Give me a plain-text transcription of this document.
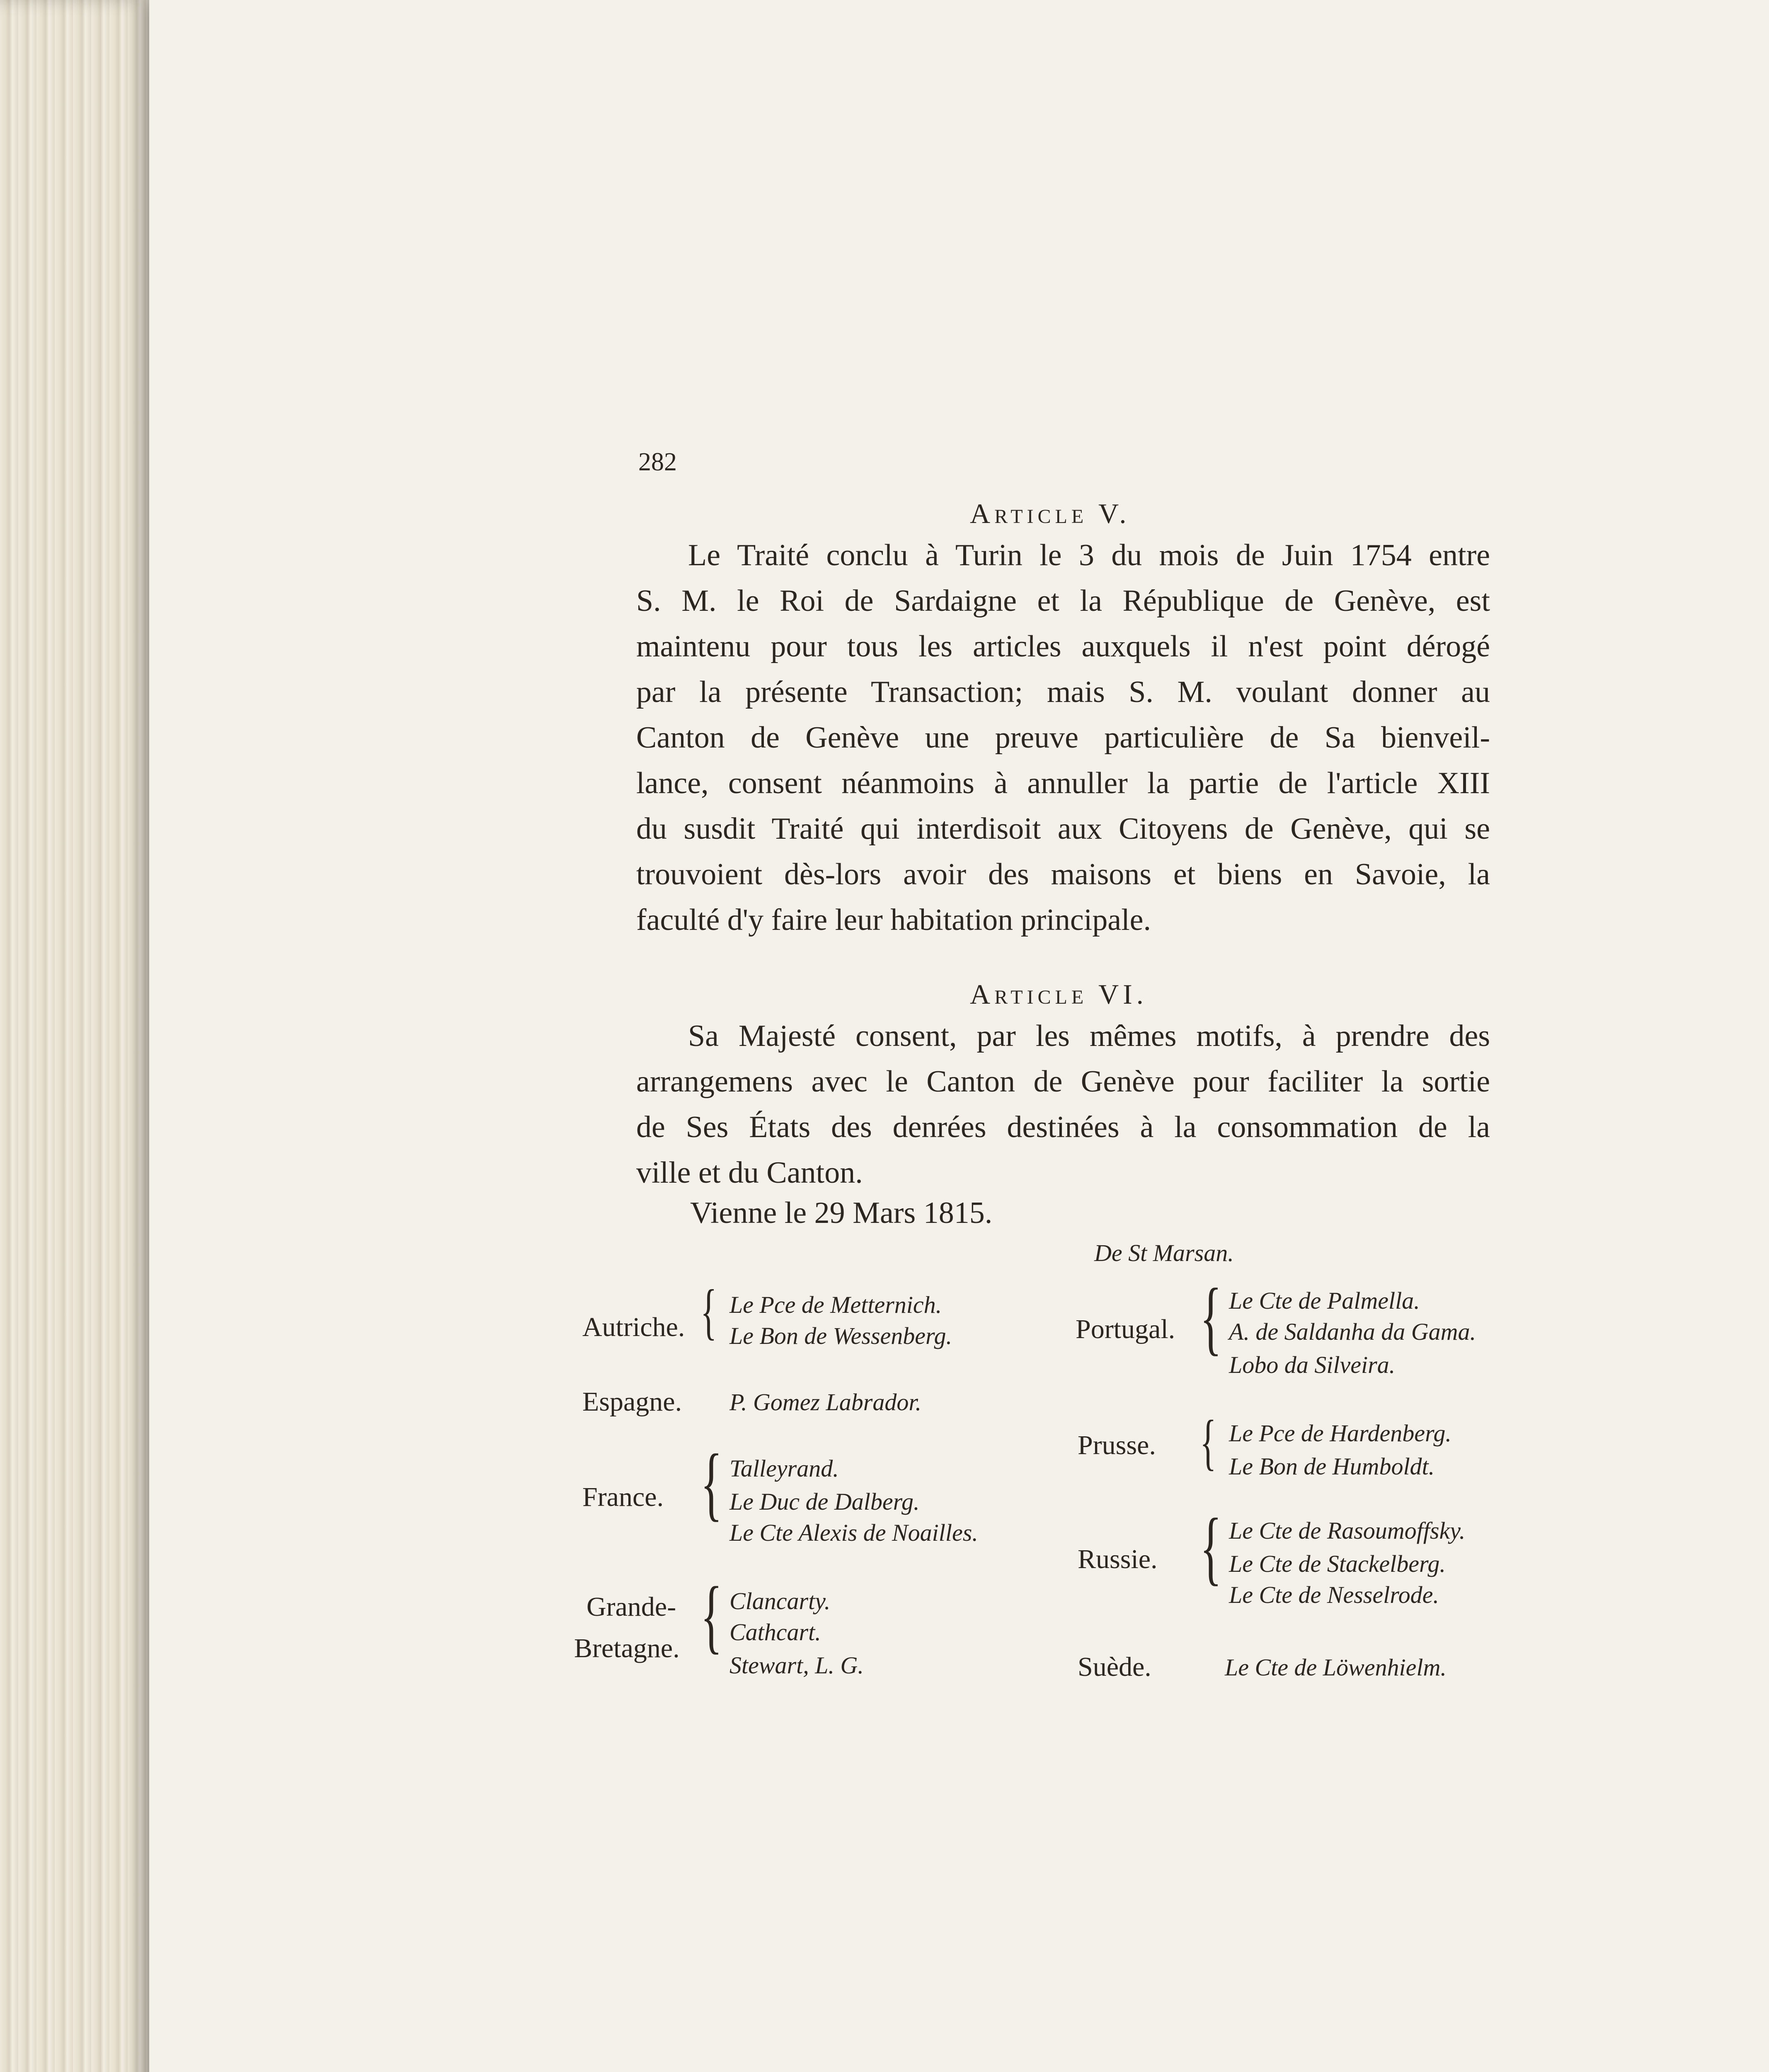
282
Article V.
Le Traité conclu à Turin le 3 du mois de Juin 1754 entre
S. M. le Roi de Sardaigne et la République de Genève, est
maintenu pour tous les articles auxquels il n'est point dérogé
par la présente Transaction; mais S. M. voulant donner au
Canton de Genève une preuve particulière de Sa bienveil-
lance, consent néanmoins à annuller la partie de l'article XIII
du susdit Traité qui interdisoit aux Citoyens de Genève, qui se
trouvoient dès-lors avoir des maisons et biens en Savoie, la
faculté d'y faire leur habitation principale.
Article VI.
Sa Majesté consent, par les mêmes motifs, à prendre des
arrangemens avec le Canton de Genève pour faciliter la sortie
de Ses États des denrées destinées à la consommation de la
ville et du Canton.
Vienne le 29 Mars 1815.
De St Marsan.
Autriche. { Le Pce de Metternich.
Le Bon de Wessenberg.
Espagne. P. Gomez Labrador.
France. { Talleyrand.
Le Duc de Dalberg.
Le Cte Alexis de Noailles.
Grande-
Bretagne. { Clancarty.
Cathcart.
Stewart, L. G.
Portugal. { Le Cte de Palmella.
A. de Saldanha da Gama.
Lobo da Silveira.
Prusse. { Le Pce de Hardenberg.
Le Bon de Humboldt.
Russie. { Le Cte de Rasoumoffsky.
Le Cte de Stackelberg.
Le Cte de Nesselrode.
Suède.	Le Cte de Löwenhielm.
